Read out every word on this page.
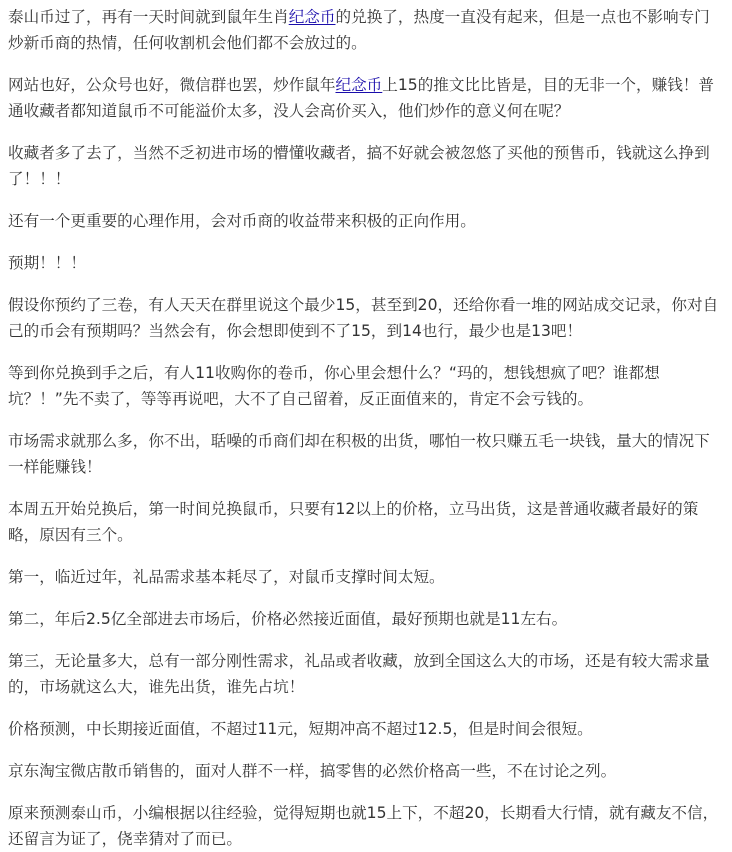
泰山币过了，再有一天时间就到鼠年生肖纪念币的兑换了，热度一直没有起来，但是一点也不影响专门炒新币商的热情，任何收割机会他们都不会放过的。

网站也好，公众号也好，微信群也罢，炒作鼠年纪念币上15的推文比比皆是，目的无非一个，赚钱！普通收藏者都知道鼠币不可能溢价太多，没人会高价买入，他们炒作的意义何在呢？

收藏者多了去了，当然不乏初进市场的懵懂收藏者，搞不好就会被忽悠了买他的预售币，钱就这么挣到了！！！

还有一个更重要的心理作用，会对币商的收益带来积极的正向作用。

预期！！！

假设你预约了三卷，有人天天在群里说这个最少15，甚至到20，还给你看一堆的网站成交记录，你对自己的币会有预期吗？当然会有，你会想即使到不了15，到14也行，最少也是13吧！

等到你兑换到手之后，有人11收购你的卷币，你心里会想什么？“玛的，想钱想疯了吧？谁都想坑？！”先不卖了，等等再说吧，大不了自己留着，反正面值来的，肯定不会亏钱的。

市场需求就那么多，你不出，聒噪的币商们却在积极的出货，哪怕一枚只赚五毛一块钱，量大的情况下一样能赚钱！

本周五开始兑换后，第一时间兑换鼠币，只要有12以上的价格，立马出货，这是普通收藏者最好的策略，原因有三个。

第一，临近过年，礼品需求基本耗尽了，对鼠币支撑时间太短。

第二，年后2.5亿全部进去市场后，价格必然接近面值，最好预期也就是11左右。

第三，无论量多大，总有一部分刚性需求，礼品或者收藏，放到全国这么大的市场，还是有较大需求量的，市场就这么大，谁先出货，谁先占坑！

价格预测，中长期接近面值，不超过11元，短期冲高不超过12.5，但是时间会很短。

京东淘宝微店散币销售的，面对人群不一样，搞零售的必然价格高一些，不在讨论之列。

原来预测泰山币，小编根据以往经验，觉得短期也就15上下，不超20，长期看大行情，就有藏友不信，还留言为证了，侥幸猜对了而已。
